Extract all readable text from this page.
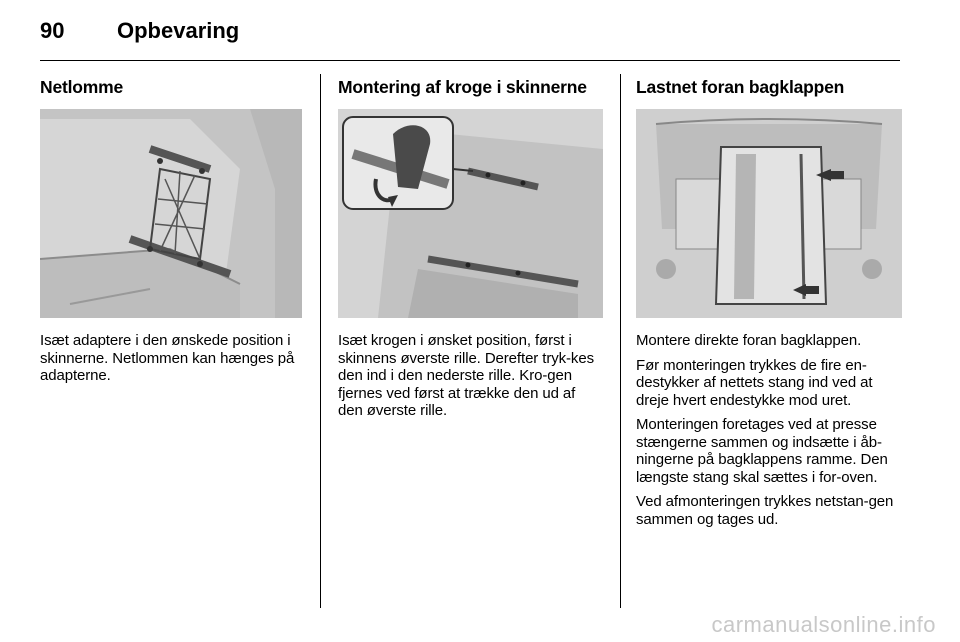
90 Opbevaring
Netlomme

Isæt adaptere i den ønskede position i skinnerne. Netlommen kan hænges på adapterne.

Montering af kroge i skinnerne

Isæt krogen i ønsket position, først i skinnens øverste rille. Derefter tryk-kes den ind i den nederste rille. Kro-gen fjernes ved først at trække den ud af den øverste rille.

Lastnet foran bagklappen

Montere direkte foran bagklappen.

Før monteringen trykkes de fire en-destykker af nettets stang ind ved at dreje hvert endestykke mod uret.

Monteringen foretages ved at presse stængerne sammen og indsætte i åb-ningerne på bagklappens ramme. Den længste stang skal sættes i for-oven.

Ved afmonteringen trykkes netstan-gen sammen og tages ud.

carmanualsonline.info
